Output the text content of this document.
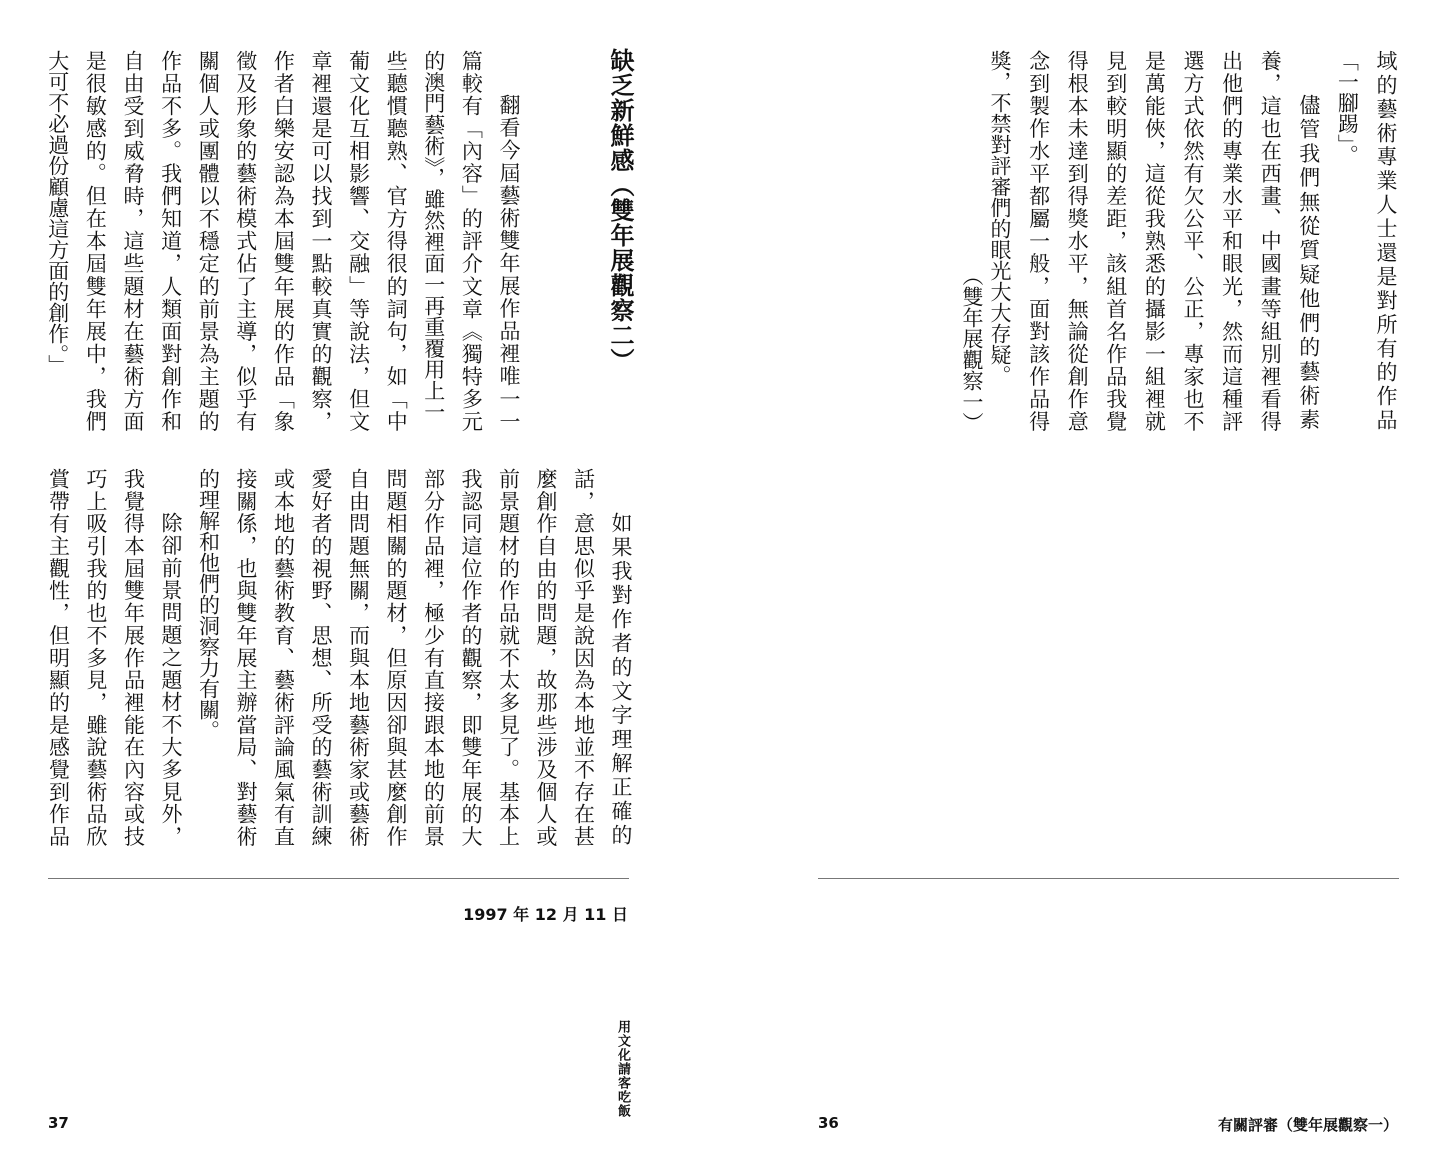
缺乏新鮮感（雙年展觀察二）
翻看今屆藝術雙年展作品裡唯一一
篇較有「內容」的評介文章《獨特多元
的澳門藝術》，雖然裡面一再重覆用上一
些聽慣聽熟、官方得很的詞句，如「中
葡文化互相影響、交融」等說法，但文
章裡還是可以找到一點較真實的觀察，
作者白樂安認為本屆雙年展的作品「象
徵及形象的藝術模式佔了主導，似乎有
關個人或團體以不穩定的前景為主題的
作品不多。我們知道，人類面對創作和
自由受到威脅時，這些題材在藝術方面
是很敏感的。但在本屆雙年展中，我們
大可不必過份顧慮這方面的創作。」
如果我對作者的文字理解正確的
話，意思似乎是說因為本地並不存在甚
麼創作自由的問題，故那些涉及個人或
前景題材的作品就不太多見了。基本上
我認同這位作者的觀察，即雙年展的大
部分作品裡，極少有直接跟本地的前景
問題相關的題材，但原因卻與甚麼創作
自由問題無關，而與本地藝術家或藝術
愛好者的視野、思想、所受的藝術訓練
或本地的藝術教育、藝術評論風氣有直
接關係，也與雙年展主辦當局、對藝術
的理解和他們的洞察力有關。
除卻前景問題之題材不大多見外，
我覺得本屆雙年展作品裡能在內容或技
巧上吸引我的也不多見，雖說藝術品欣
賞帶有主觀性，但明顯的是感覺到作品
1997 年 12 月 11 日
用文化請客吃飯
37
域的藝術專業人士還是對所有的作品
「一腳踢」。
儘管我們無從質疑他們的藝術素
養，這也在西畫、中國畫等組別裡看得
出他們的專業水平和眼光，然而這種評
選方式依然有欠公平、公正，專家也不
是萬能俠，這從我熟悉的攝影一組裡就
見到較明顯的差距，該組首名作品我覺
得根本未達到得獎水平，無論從創作意
念到製作水平都屬一般，面對該作品得
獎，不禁對評審們的眼光大大存疑。
（雙年展觀察一）
36	有關評審（雙年展觀察一）
